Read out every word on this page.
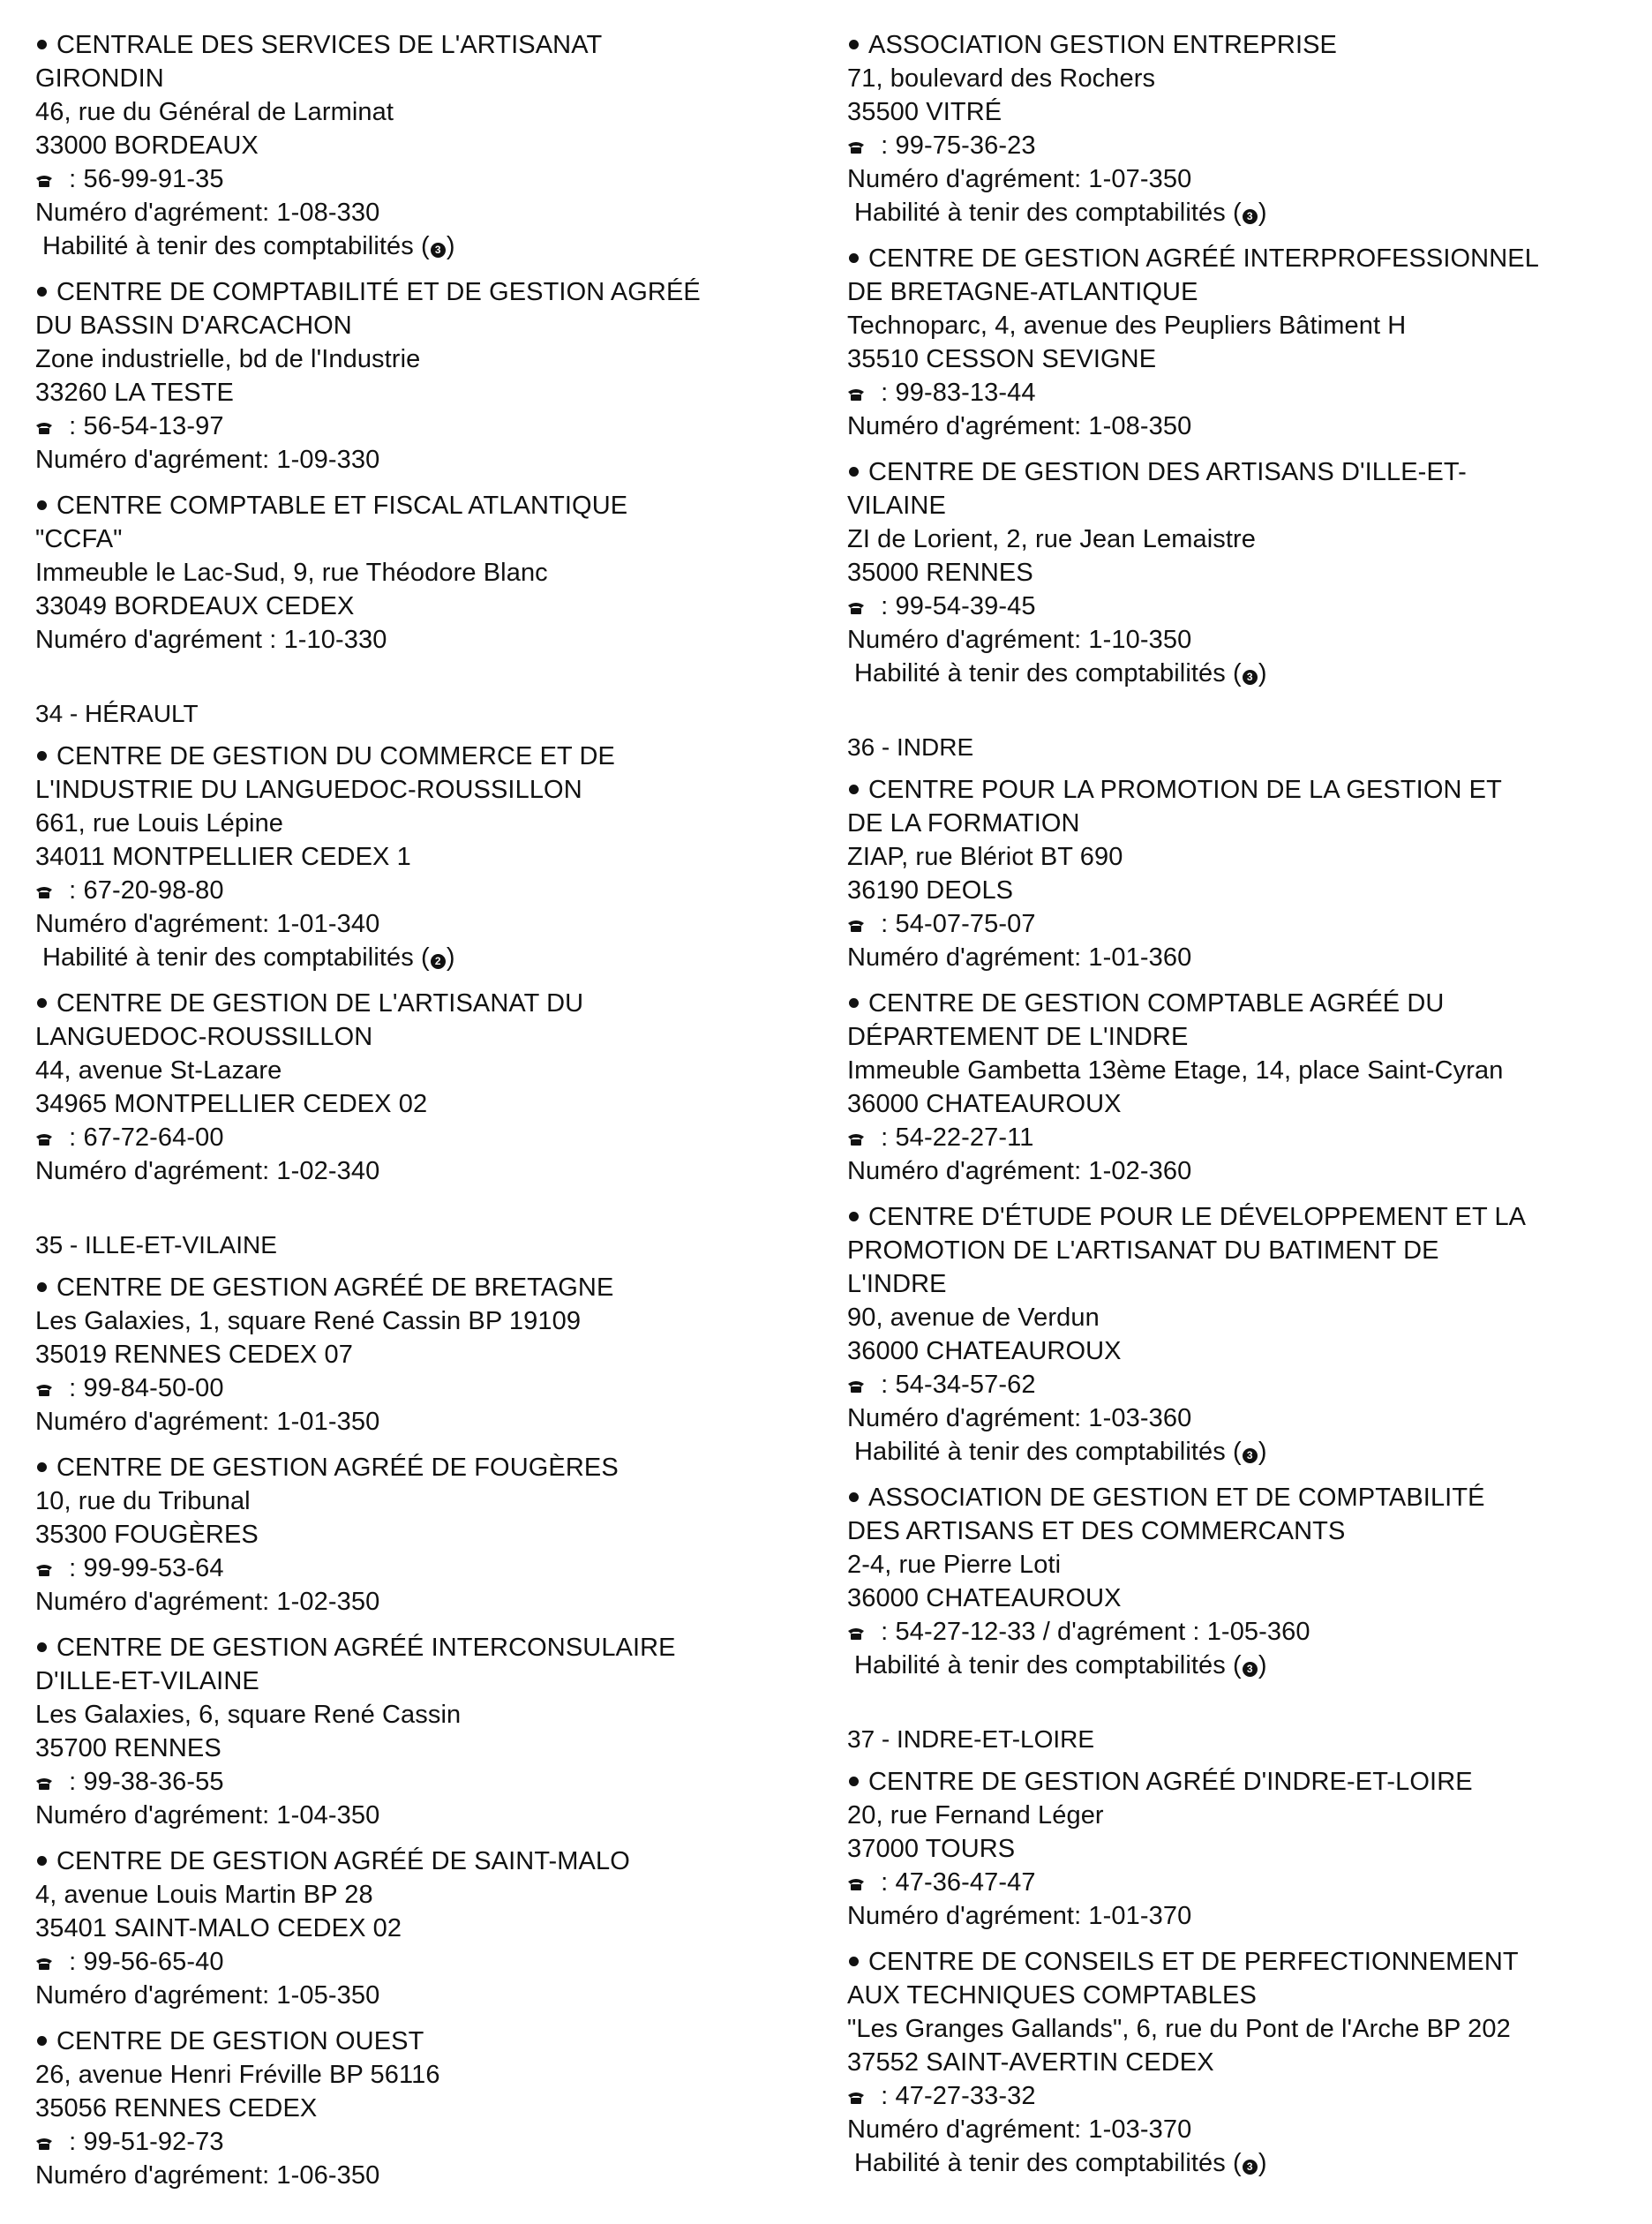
CENTRALE DES SERVICES DE L'ARTISANAT
GIRONDIN
46, rue du Général de Larminat
33000 BORDEAUX
: 56-99-91-35
Numéro d'agrément: 1-08-330
Habilité à tenir des comptabilités ( 3 )
CENTRE DE COMPTABILITÉ ET DE GESTION AGRÉÉ
DU BASSIN D'ARCACHON
Zone industrielle, bd de l'Industrie
33260 LA TESTE
: 56-54-13-97
Numéro d'agrément: 1-09-330
CENTRE COMPTABLE ET FISCAL ATLANTIQUE
"CCFA"
Immeuble le Lac-Sud, 9, rue Théodore Blanc
33049 BORDEAUX CEDEX
Numéro d'agrément : 1-10-330
34 - HÉRAULT
CENTRE DE GESTION DU COMMERCE ET DE
L'INDUSTRIE DU LANGUEDOC-ROUSSILLON
661, rue Louis Lépine
34011 MONTPELLIER CEDEX 1
: 67-20-98-80
Numéro d'agrément: 1-01-340
Habilité à tenir des comptabilités ( 2 )
CENTRE DE GESTION DE L'ARTISANAT DU
LANGUEDOC-ROUSSILLON
44, avenue St-Lazare
34965 MONTPELLIER CEDEX 02
: 67-72-64-00
Numéro d'agrément: 1-02-340
35 - ILLE-ET-VILAINE
CENTRE DE GESTION AGRÉÉ DE BRETAGNE
Les Galaxies, 1, square René Cassin BP 19109
35019 RENNES CEDEX 07
: 99-84-50-00
Numéro d'agrément: 1-01-350
CENTRE DE GESTION AGRÉÉ DE FOUGÈRES
10, rue du Tribunal
35300 FOUGÈRES
: 99-99-53-64
Numéro d'agrément: 1-02-350
CENTRE DE GESTION AGRÉÉ INTERCONSULAIRE
D'ILLE-ET-VILAINE
Les Galaxies, 6, square René Cassin
35700 RENNES
: 99-38-36-55
Numéro d'agrément: 1-04-350
CENTRE DE GESTION AGRÉÉ DE SAINT-MALO
4, avenue Louis Martin BP 28
35401 SAINT-MALO CEDEX 02
: 99-56-65-40
Numéro d'agrément: 1-05-350
CENTRE DE GESTION OUEST
26, avenue Henri Fréville BP 56116
35056 RENNES CEDEX
: 99-51-92-73
Numéro d'agrément: 1-06-350
ASSOCIATION GESTION ENTREPRISE
71, boulevard des Rochers
35500 VITRÉ
: 99-75-36-23
Numéro d'agrément: 1-07-350
Habilité à tenir des comptabilités ( 3 )
CENTRE DE GESTION AGRÉÉ INTERPROFESSIONNEL
DE BRETAGNE-ATLANTIQUE
Technoparc, 4, avenue des Peupliers Bâtiment H
35510 CESSON SEVIGNE
: 99-83-13-44
Numéro d'agrément: 1-08-350
CENTRE DE GESTION DES ARTISANS D'ILLE-ET-
VILAINE
ZI de Lorient, 2, rue Jean Lemaistre
35000 RENNES
: 99-54-39-45
Numéro d'agrément: 1-10-350
Habilité à tenir des comptabilités ( 3 )
36 - INDRE
CENTRE POUR LA PROMOTION DE LA GESTION ET
DE LA FORMATION
ZIAP, rue Blériot BT 690
36190 DEOLS
: 54-07-75-07
Numéro d'agrément: 1-01-360
CENTRE DE GESTION COMPTABLE AGRÉÉ DU
DÉPARTEMENT DE L'INDRE
Immeuble Gambetta 13ème Etage, 14, place Saint-Cyran
36000 CHATEAUROUX
: 54-22-27-11
Numéro d'agrément: 1-02-360
CENTRE D'ÉTUDE POUR LE DÉVELOPPEMENT ET LA
PROMOTION DE L'ARTISANAT DU BATIMENT DE
L'INDRE
90, avenue de Verdun
36000 CHATEAUROUX
: 54-34-57-62
Numéro d'agrément: 1-03-360
Habilité à tenir des comptabilités ( 3 )
ASSOCIATION DE GESTION ET DE COMPTABILITÉ
DES ARTISANS ET DES COMMERCANTS
2-4, rue Pierre Loti
36000 CHATEAUROUX
: 54-27-12-33 / d'agrément : 1-05-360
Habilité à tenir des comptabilités ( 3 )
37 - INDRE-ET-LOIRE
CENTRE DE GESTION AGRÉÉ D'INDRE-ET-LOIRE
20, rue Fernand Léger
37000 TOURS
: 47-36-47-47
Numéro d'agrément: 1-01-370
CENTRE DE CONSEILS ET DE PERFECTIONNEMENT
AUX TECHNIQUES COMPTABLES
"Les Granges Gallands", 6, rue du Pont de l'Arche BP 202
37552 SAINT-AVERTIN CEDEX
: 47-27-33-32
Numéro d'agrément: 1-03-370
Habilité à tenir des comptabilités ( 3 )
